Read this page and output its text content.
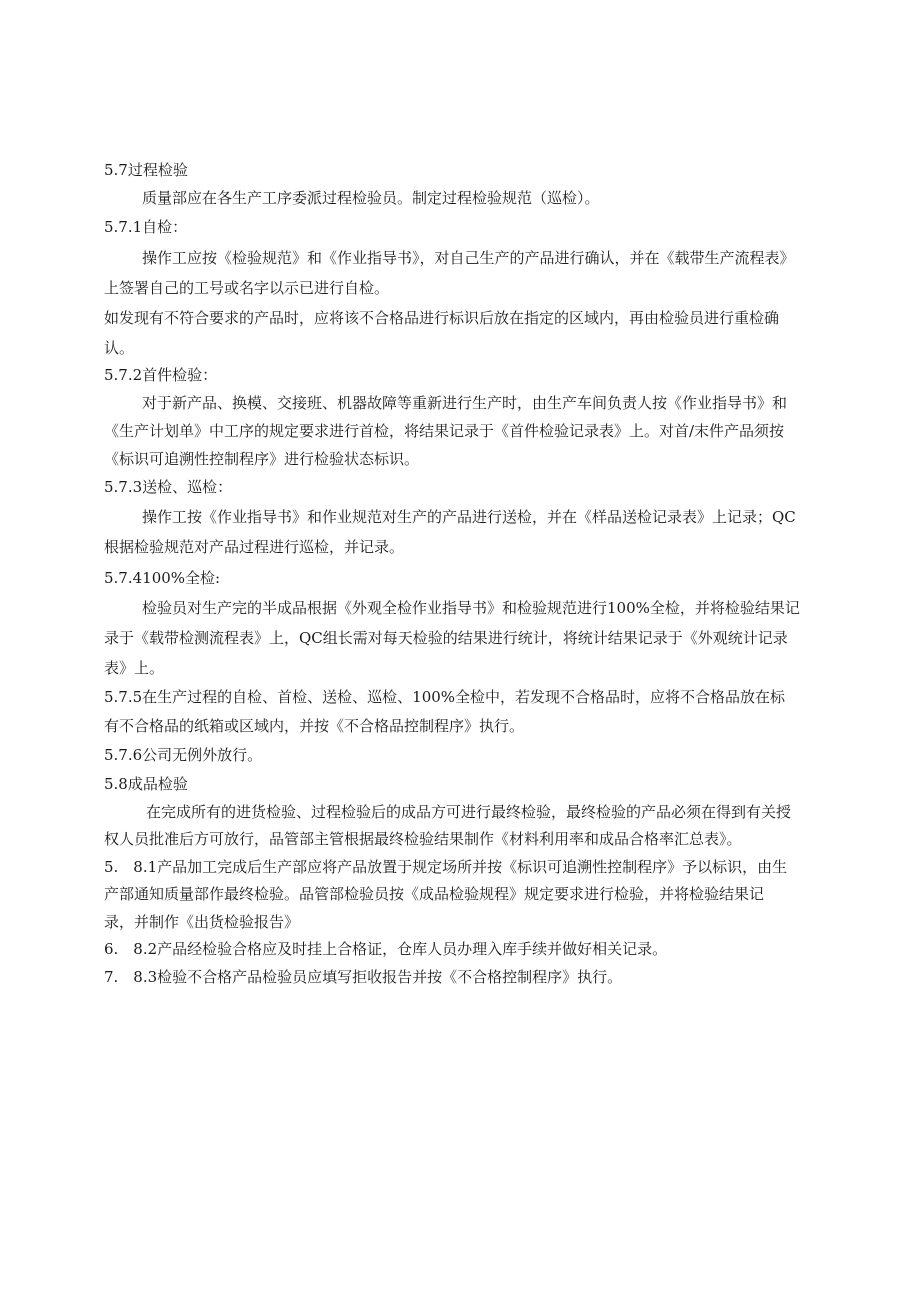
5.7过程检验
质量部应在各生产工序委派过程检验员。制定过程检验规范（巡检）。
5.7.1自检：
操作工应按《检验规范》和《作业指导书》，对自己生产的产品进行确认，并在《载带生产流程表》
上签署自己的工号或名字以示已进行自检。
如发现有不符合要求的产品时，应将该不合格品进行标识后放在指定的区域内，再由检验员进行重检确
认。
5.7.2首件检验：
对于新产品、换模、交接班、机器故障等重新进行生产时，由生产车间负责人按《作业指导书》和
《生产计划单》中工序的规定要求进行首检，将结果记录于《首件检验记录表》上。对首/末件产品须按
《标识可追溯性控制程序》进行检验状态标识。
5.7.3送检、巡检：
操作工按《作业指导书》和作业规范对生产的产品进行送检，并在《样品送检记录表》上记录；QC
根据检验规范对产品过程进行巡检，并记录。
5.7.4100%全检:
检验员对生产完的半成品根据《外观全检作业指导书》和检验规范进行100%全检，并将检验结果记
录于《载带检测流程表》上，QC组长需对每天检验的结果进行统计，将统计结果记录于《外观统计记录
表》上。
5.7.5在生产过程的自检、首检、送检、巡检、100%全检中，若发现不合格品时，应将不合格品放在标
有不合格品的纸箱或区域内，并按《不合格品控制程序》执行。
5.7.6公司无例外放行。
5.8成品检验
在完成所有的进货检验、过程检验后的成品方可进行最终检验，最终检验的产品必须在得到有关授
权人员批准后方可放行，品管部主管根据最终检验结果制作《材料利用率和成品合格率汇总表》。
5.　8.1产品加工完成后生产部应将产品放置于规定场所并按《标识可追溯性控制程序》予以标识，由生
产部通知质量部作最终检验。品管部检验员按《成品检验规程》规定要求进行检验，并将检验结果记
录，并制作《出货检验报告》
6.　8.2产品经检验合格应及时挂上合格证，仓库人员办理入库手续并做好相关记录。
7.　8.3检验不合格产品检验员应填写拒收报告并按《不合格控制程序》执行。
